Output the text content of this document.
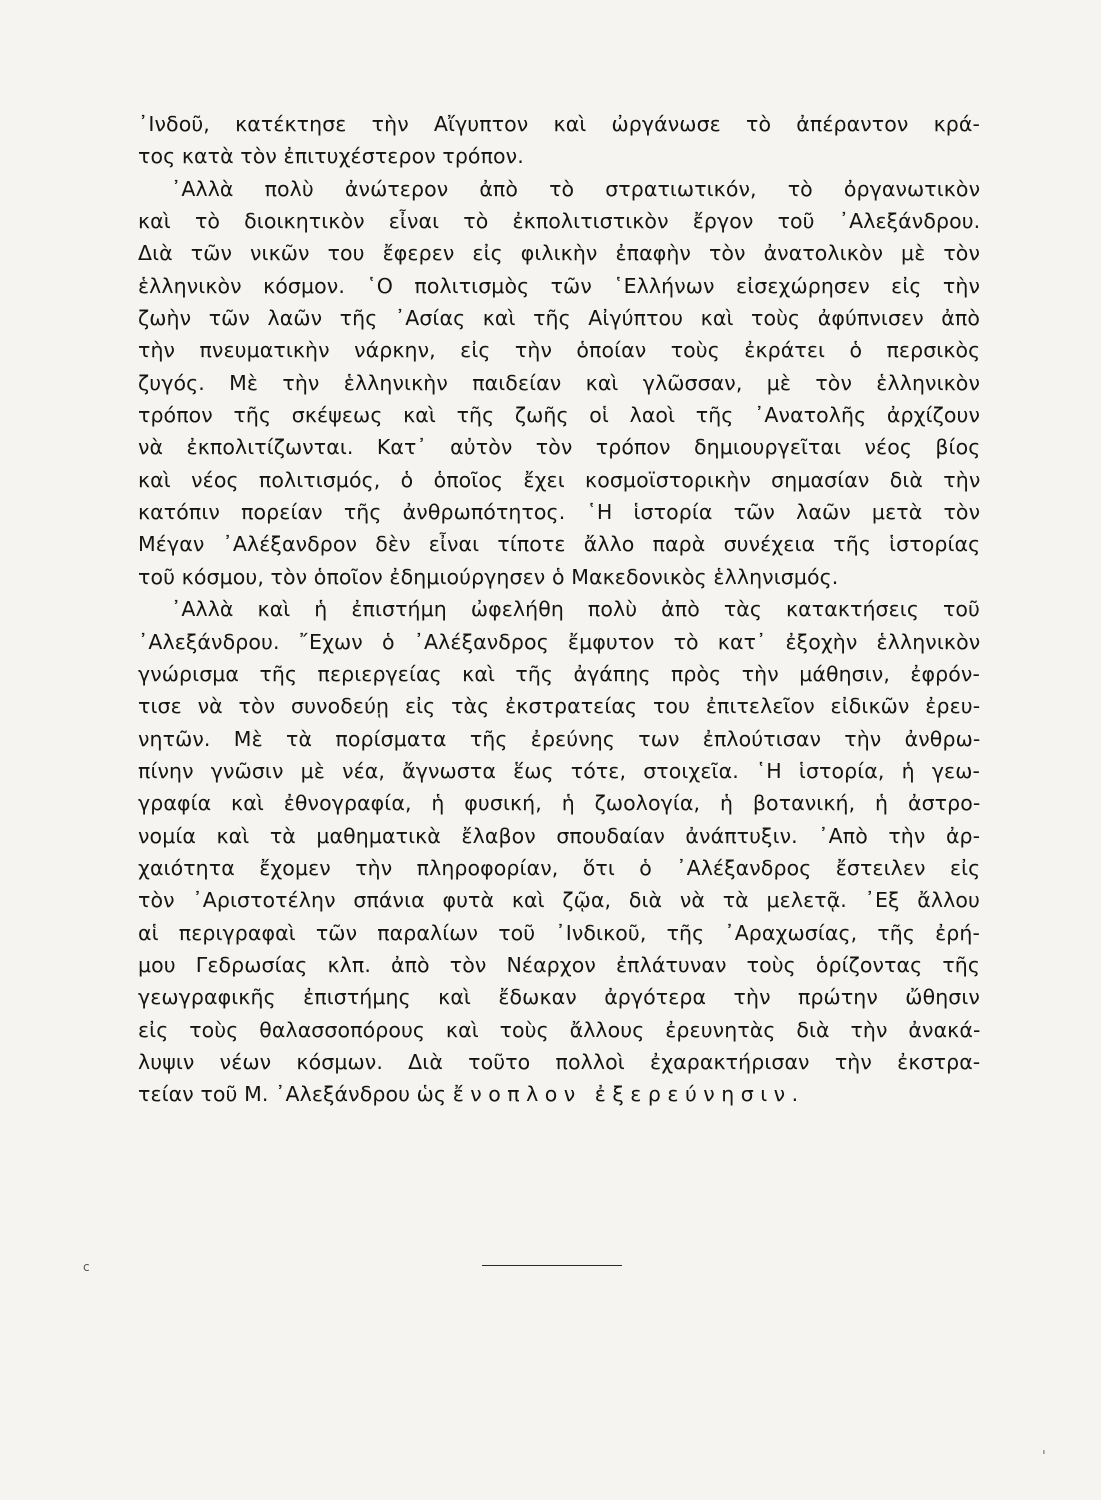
᾿Ινδοῦ, κατέκτησε τὴν Αἴγυπτον καὶ ὠργάνωσε τὸ ἀπέραντον κρά-
τος κατὰ τὸν ἐπιτυχέστερον τρόπον.
᾿Αλλὰ πολὺ ἀνώτερον ἀπὸ τὸ στρατιωτικόν, τὸ ὀργανωτικὸν
καὶ τὸ διοικητικὸν εἶναι τὸ ἐκπολιτιστικὸν ἔργον τοῦ ᾿Αλεξάνδρου.
Διὰ τῶν νικῶν του ἔφερεν εἰς φιλικὴν ἐπαφὴν τὸν ἀνατολικὸν μὲ τὸν
ἑλληνικὸν κόσμον. ῾Ο πολιτισμὸς τῶν ῾Ελλήνων εἰσεχώρησεν εἰς τὴν
ζωὴν τῶν λαῶν τῆς ᾿Ασίας καὶ τῆς Αἰγύπτου καὶ τοὺς ἀφύπνισεν ἀπὸ
τὴν πνευματικὴν νάρκην, εἰς τὴν ὁποίαν τοὺς ἐκράτει ὁ περσικὸς
ζυγός. Μὲ τὴν ἑλληνικὴν παιδείαν καὶ γλῶσσαν, μὲ τὸν ἑλληνικὸν
τρόπον τῆς σκέψεως καὶ τῆς ζωῆς οἱ λαοὶ τῆς ᾿Ανατολῆς ἀρχίζουν
νὰ ἐκπολιτίζωνται. Κατ᾿ αὐτὸν τὸν τρόπον δημιουργεῖται νέος βίος
καὶ νέος πολιτισμός, ὁ ὁποῖος ἔχει κοσμοϊστορικὴν σημασίαν διὰ τὴν
κατόπιν πορείαν τῆς ἀνθρωπότητος. ῾Η ἱστορία τῶν λαῶν μετὰ τὸν
Μέγαν ᾿Αλέξανδρον δὲν εἶναι τίποτε ἄλλο παρὰ συνέχεια τῆς ἱστορίας
τοῦ κόσμου, τὸν ὁποῖον ἐδημιούργησεν ὁ Μακεδονικὸς ἑλληνισμός.
᾿Αλλὰ καὶ ἡ ἐπιστήμη ὠφελήθη πολὺ ἀπὸ τὰς κατακτήσεις τοῦ
᾿Αλεξάνδρου. ῎Εχων ὁ ᾿Αλέξανδρος ἔμφυτον τὸ κατ᾿ ἐξοχὴν ἑλληνικὸν
γνώρισμα τῆς περιεργείας καὶ τῆς ἀγάπης πρὸς τὴν μάθησιν, ἐφρόν-
τισε νὰ τὸν συνοδεύῃ εἰς τὰς ἐκστρατείας του ἐπιτελεῖον εἰδικῶν ἐρευ-
νητῶν. Μὲ τὰ πορίσματα τῆς ἐρεύνης των ἐπλούτισαν τὴν ἀνθρω-
πίνην γνῶσιν μὲ νέα, ἄγνωστα ἕως τότε, στοιχεῖα. ῾Η ἱστορία, ἡ γεω-
γραφία καὶ ἐθνογραφία, ἡ φυσική, ἡ ζωολογία, ἡ βοτανική, ἡ ἀστρο-
νομία καὶ τὰ μαθηματικὰ ἔλαβον σπουδαίαν ἀνάπτυξιν. ᾿Απὸ τὴν ἀρ-
χαιότητα ἔχομεν τὴν πληροφορίαν, ὅτι ὁ ᾿Αλέξανδρος ἔστειλεν εἰς
τὸν ᾿Αριστοτέλην σπάνια φυτὰ καὶ ζῷα, διὰ νὰ τὰ μελετᾷ. ᾿Εξ ἄλλου
αἱ περιγραφαὶ τῶν παραλίων τοῦ ᾿Ινδικοῦ, τῆς ᾿Αραχωσίας, τῆς ἐρή-
μου Γεδρωσίας κλπ. ἀπὸ τὸν Νέαρχον ἐπλάτυναν τοὺς ὁρίζοντας τῆς
γεωγραφικῆς ἐπιστήμης καὶ ἔδωκαν ἀργότερα τὴν πρώτην ὤθησιν
εἰς τοὺς θαλασσοπόρους καὶ τοὺς ἄλλους ἐρευνητὰς διὰ τὴν ἀνακά-
λυψιν νέων κόσμων. Διὰ τοῦτο πολλοὶ ἐχαρακτήρισαν τὴν ἐκστρα-
τείαν τοῦ Μ. ᾿Αλεξάνδρου ὡς ἔνοπλον ἐξερεύνησιν.
c
ˌ
